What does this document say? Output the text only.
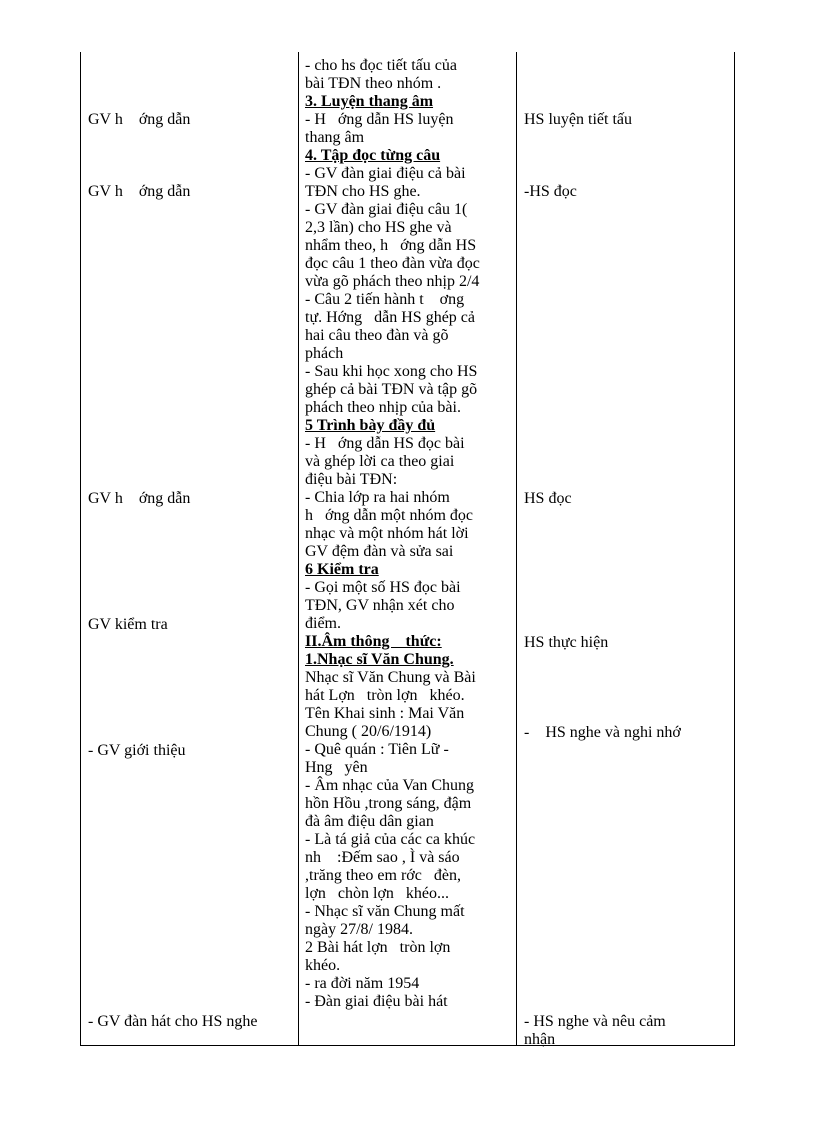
GV h    ớng dẫn
GV h    ớng dẫn
GV h    ớng dẫn
GV kiểm tra
- GV giới thiệu
- GV đàn hát cho HS nghe
- cho hs đọc tiết tấu của
bài TĐN theo nhóm .
3. Luyện thang âm
- H   ớng dẫn HS luyện
thang âm
4. Tập đọc từng câu
- GV đàn giai điệu cả bài
TĐN cho HS ghe.
- GV đàn giai điệu câu 1(
2,3 lần) cho HS ghe và
nhẩm theo, h   ớng dẫn HS
đọc câu 1 theo đàn vừa đọc
vừa gõ phách theo nhịp 2/4
- Câu 2 tiến hành t    ơng
tự. Hớng   dẫn HS ghép cả
hai câu theo đàn và gõ
phách
- Sau khi học xong cho HS
ghép cả bài TĐN và tập gõ
phách theo nhịp của bài.
5 Trình bày đầy đủ
- H   ớng dẫn HS đọc bài
và ghép lời ca theo giai
điệu bài TĐN:
- Chia lớp ra hai nhóm
h   ớng dẫn một nhóm đọc
nhạc và một nhóm hát lời
GV đệm đàn và sửa sai
6 Kiểm tra
- Gọi một số HS đọc bài
TĐN, GV nhận xét cho
điểm.
II.Âm thông    thức:
1.Nhạc sĩ Văn Chung.
Nhạc sĩ Văn Chung và Bài
hát Lợn   tròn lợn   khéo.
Tên Khai sinh : Mai Văn
Chung ( 20/6/1914)
- Quê quán : Tiên Lữ -
Hng   yên
- Âm nhạc của Van Chung
hồn Hồu ,trong sáng, đậm
đà âm điệu dân gian
- Là tá giả của các ca khúc
nh    :Đếm sao , Ì và sáo
,trăng theo em rớc   đèn,
lợn   chòn lợn   khéo...
- Nhạc sĩ văn Chung mất
ngày 27/8/ 1984.
2 Bài hát lợn   tròn lợn
khéo.
- ra đời năm 1954
- Đàn giai điệu bài hát
HS luyện tiết tấu
-HS đọc
HS đọc
HS thực hiện
-    HS nghe và nghi nhớ
- HS nghe và nêu cảm
nhận
